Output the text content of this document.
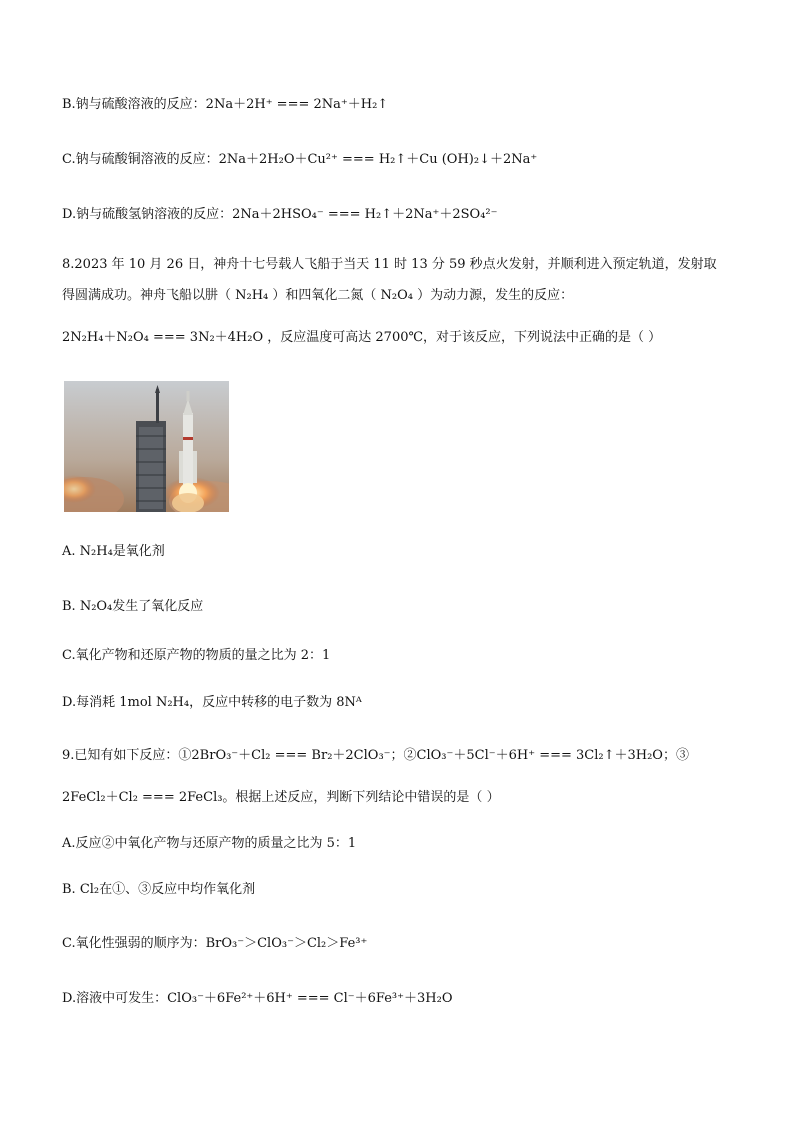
B.钠与硫酸溶液的反应：2Na＋2H⁺ === 2Na⁺＋H₂↑
C.钠与硫酸铜溶液的反应：2Na＋2H₂O＋Cu²⁺ === H₂↑＋Cu (OH)₂↓＋2Na⁺
D.钠与硫酸氢钠溶液的反应：2Na＋2HSO₄⁻ === H₂↑＋2Na⁺＋2SO₄²⁻
8.2023 年 10 月 26 日，神舟十七号载人飞船于当天 11 时 13 分 59 秒点火发射，并顺利进入预定轨道，发射取
得圆满成功。神舟飞船以肼（ N₂H₄ ）和四氧化二氮（ N₂O₄ ）为动力源，发生的反应：
2N₂H₄＋N₂O₄ === 3N₂＋4H₂O ，反应温度可高达 2700℃，对于该反应，下列说法中正确的是（ ）
A. N₂H₄是氧化剂
B. N₂O₄发生了氧化反应
C.氧化产物和还原产物的物质的量之比为 2：1
D.每消耗 1mol N₂H₄，反应中转移的电子数为 8Nᴬ
9.已知有如下反应：①2BrO₃⁻＋Cl₂ === Br₂＋2ClO₃⁻；②ClO₃⁻＋5Cl⁻＋6H⁺ === 3Cl₂↑＋3H₂O；③
2FeCl₂＋Cl₂ === 2FeCl₃。根据上述反应，判断下列结论中错误的是（ ）
A.反应②中氧化产物与还原产物的质量之比为 5：1
B. Cl₂在①、③反应中均作氧化剂
C.氧化性强弱的顺序为：BrO₃⁻＞ClO₃⁻＞Cl₂＞Fe³⁺
D.溶液中可发生：ClO₃⁻＋6Fe²⁺＋6H⁺ === Cl⁻＋6Fe³⁺＋3H₂O
